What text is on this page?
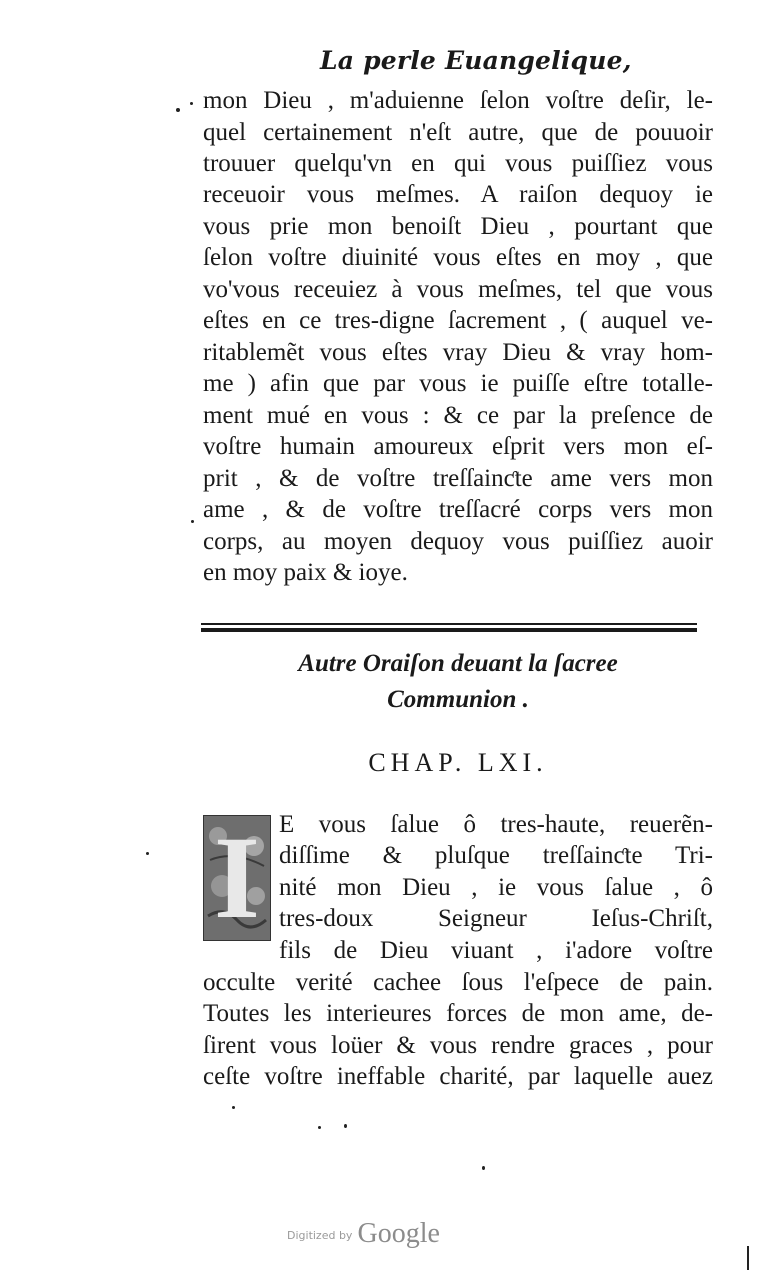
La perle Euangelique,
mon Dieu , m'aduienne ſelon voſtre deſir, le-
quel certainement n'eſt autre, que de pouuoir
trouuer quelqu'vn en qui vous puiſſiez vous
receuoir vous meſmes. A raiſon dequoy ie
vous prie mon benoiſt Dieu , pourtant que
ſelon voſtre diuinité vous eſtes en moy , que
vo'vous receuiez à vous meſmes, tel que vous
eſtes en ce tres-digne ſacrement , ( auquel ve-
ritablemẽt vous eſtes vray Dieu & vray hom-
me ) afin que par vous ie puiſſe eſtre totalle-
ment mué en vous : & ce par la preſence de
voſtre humain amoureux eſprit vers mon eſ-
prit , & de voſtre treſſainƈte ame vers mon
ame , & de voſtre treſſacré corps vers mon
corps, au moyen dequoy vous puiſſiez auoir
en moy paix & ioye.
Autre Oraiſon deuant la ſacree
Communion .
CHAP. LXI.
I E vous ſalue ô tres-haute, reuerẽn-
diſſime & pluſque treſſainƈte Tri-
nité mon Dieu , ie vous ſalue , ô
tres-doux Seigneur Ieſus-Chriſt,
fils de Dieu viuant , i'adore voſtre
occulte verité cachee ſous l'eſpece de pain.
Toutes les interieures forces de mon ame, de-
ſirent vous loüer & vous rendre graces , pour
ceſte voſtre ineffable charité, par laquelle auez
Digitized by Google
